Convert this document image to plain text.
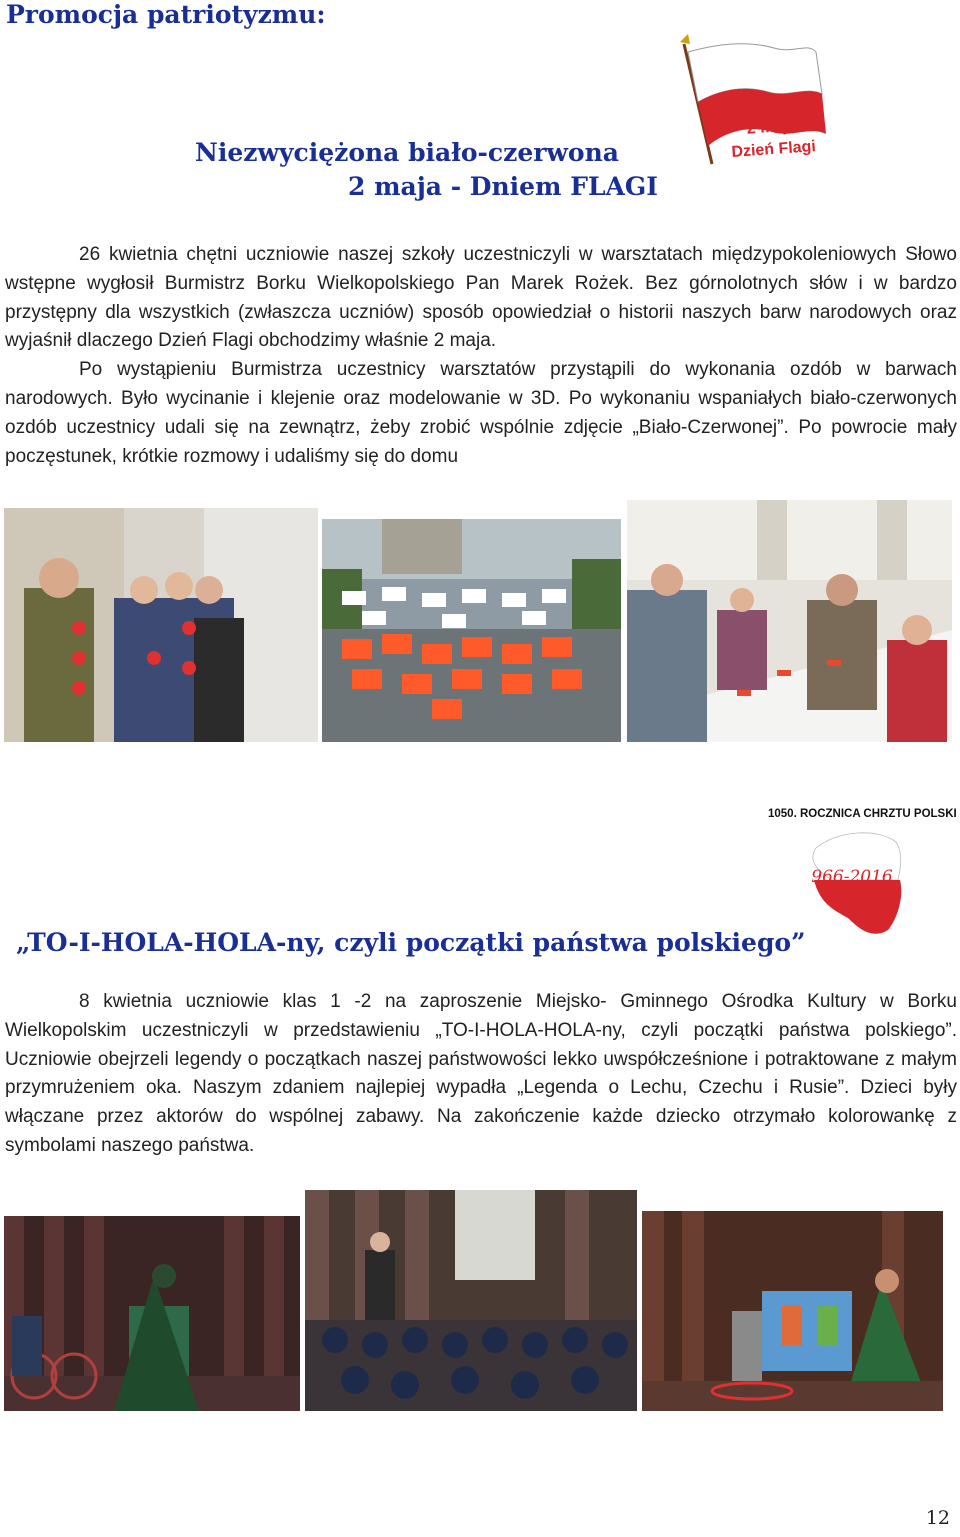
Promocja patriotyzmu:
2 maja
Dzień Flagi
Niezwyciężona biało-czerwona
2 maja - Dniem FLAGI

26 kwietnia chętni uczniowie naszej szkoły uczestniczyli w warsztatach międzypokoleniowych Słowo wstępne wygłosił Burmistrz Borku Wielkopolskiego Pan Marek Rożek. Bez górnolotnych słów i w bardzo przystępny dla wszystkich (zwłaszcza uczniów) sposób opowiedział o historii naszych barw narodowych oraz wyjaśnił dlaczego Dzień Flagi obchodzimy właśnie 2 maja.

Po wystąpieniu Burmistrza uczestnicy warsztatów przystąpili do wykonania ozdób w barwach narodowych. Było wycinanie i klejenie oraz modelowanie w 3D. Po wykonaniu wspaniałych biało-czerwonych ozdób uczestnicy udali się na zewnątrz, żeby zrobić wspólnie zdjęcie „Biało-Czerwonej”. Po powrocie mały poczęstunek, krótkie rozmowy i udaliśmy się do domu

1050. ROCZNICA CHRZTU POLSKI
966-2016
„TO-I-HOLA-HOLA-ny, czyli początki państwa polskiego”

8 kwietnia uczniowie klas 1 -2 na zaproszenie Miejsko- Gminnego Ośrodka Kultury w Borku Wielkopolskim uczestniczyli w przedstawieniu „TO-I-HOLA-HOLA-ny, czyli początki państwa polskiego”. Uczniowie obejrzeli legendy o początkach naszej państwowości lekko uwspółcześnione i potraktowane z małym przymrużeniem oka. Naszym zdaniem najlepiej wypadła „Legenda o Lechu, Czechu i Rusie”. Dzieci były włączane przez aktorów do wspólnej zabawy. Na zakończenie każde dziecko otrzymało kolorowankę z symbolami naszego państwa.

12
